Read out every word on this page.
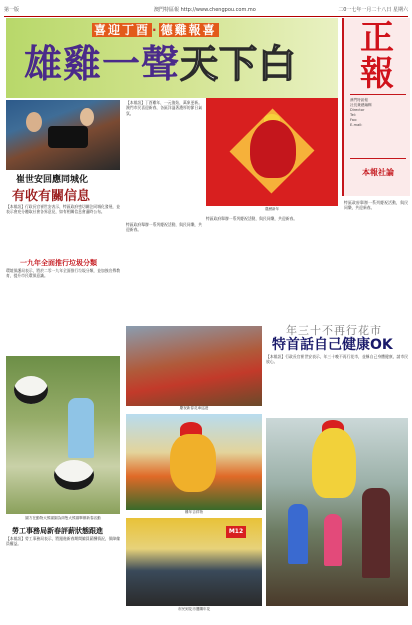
第一版	澳門特區報 http://www.chengpou.com.mo	二0一七年一月二十八日 星期六
喜迎丁酉 · 德雞報喜
雄雞一聲天下白
正報
澳門特區報
社長兼總編輯
Director
Tel:
Fax:
E-mail:
本報社論
【本報訊】丁酉雞年，一元復始，萬象更新。澳門市民喜迎新春，各區洋溢著濃厚的節日氣氛。
農曆新年
崔世安回應同城化
有收有關信息
【本報訊】行政長官崔世安表示，特區政府密切關注同城化發展，並表示會充分聽取社會各界意見，如有相關信息會適時公布。
一九年全面推行垃圾分類
環境保護局表示，將於二零一九年全面推行垃圾分類，並加強宣傳教育，提升市民環保意識。
特區政府舉辦一系列慶祝活動，與民同樂，共迎新春。
特區政府舉辦一系列慶祝活動，與民同樂，共迎新春。
特區政府舉辦一系列慶祝活動，與民同樂，共迎新春。
年三十不再行花市
特首話自己健康OK
【本報訊】行政長官崔世安表示，年三十晚不再行花市，並稱自己身體健康，請市民放心。
慶祝新春花車巡遊
雞年吉祥物
M12
市民到花市選購年花
園方在動物大熊貓園為兩隻大熊貓舉辦新春活動
勞工事務局新春評薪狀態跟進
【本報訊】勞工事務局表示，將跟進新春期間僱員薪酬情況，保障僱員權益。
